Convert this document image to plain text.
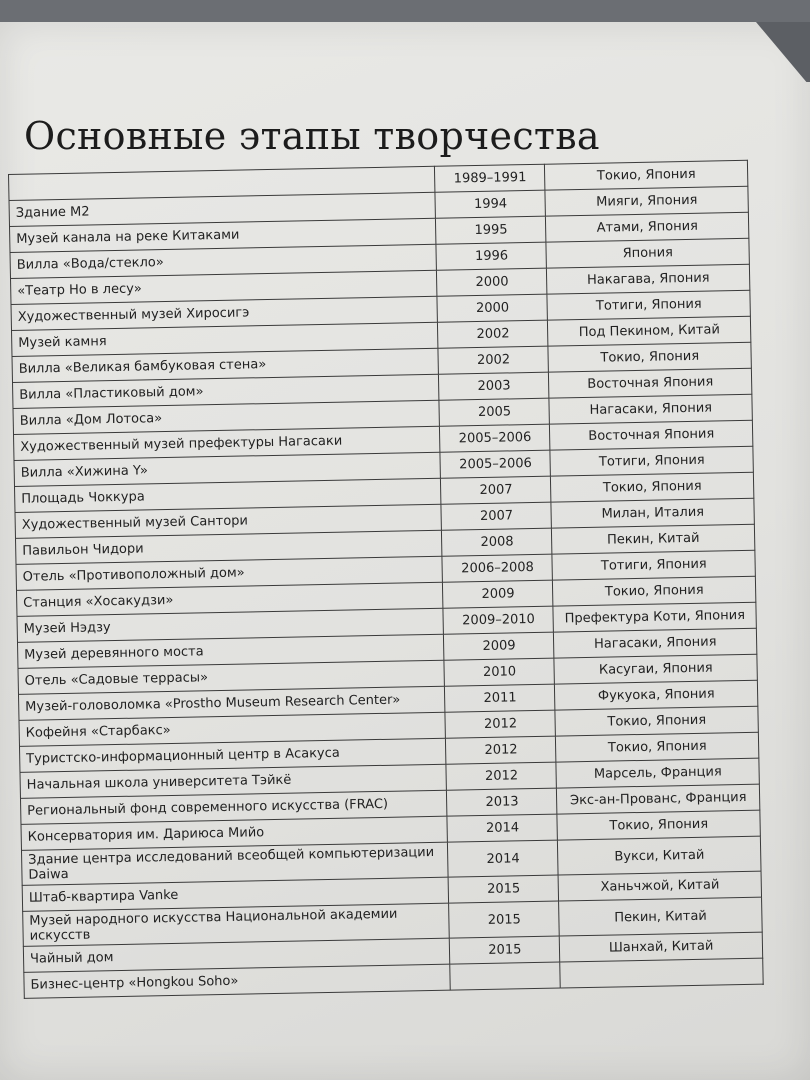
Основные этапы творчества
	1989–1991	Токио, Япония
Здание М2	1994	Мияги, Япония
Музей канала на реке Китаками	1995	Атами, Япония
Вилла «Вода/стекло»	1996	Япония
«Театр Но в лесу»	2000	Накагава, Япония
Художественный музей Хиросигэ	2000	Тотиги, Япония
Музей камня	2002	Под Пекином, Китай
Вилла «Великая бамбуковая стена»	2002	Токио, Япония
Вилла «Пластиковый дом»	2003	Восточная Япония
Вилла «Дом Лотоса»	2005	Нагасаки, Япония
Художественный музей префектуры Нагасаки	2005–2006	Восточная Япония
Вилла «Хижина Y»	2005–2006	Тотиги, Япония
Площадь Чоккура	2007	Токио, Япония
Художественный музей Сантори	2007	Милан, Италия
Павильон Чидори	2008	Пекин, Китай
Отель «Противоположный дом»	2006–2008	Тотиги, Япония
Станция «Хосакудзи»	2009	Токио, Япония
Музей Нэдзу	2009–2010	Префектура Коти, Япония
Музей деревянного моста	2009	Нагасаки, Япония
Отель «Садовые террасы»	2010	Касугаи, Япония
Музей-головоломка «Prostho Museum Research Center»	2011	Фукуока, Япония
Кофейня «Старбакс»	2012	Токио, Япония
Туристско-информационный центр в Асакуса	2012	Токио, Япония
Начальная школа университета Тэйкё	2012	Марсель, Франция
Региональный фонд современного искусства (FRAC)	2013	Экс-ан-Прованс, Франция
Консерватория им. Дариюса Мийо	2014	Токио, Япония
Здание центра исследований всеобщей компьютеризации Daiwa	2014	Вукси, Китай
Штаб-квартира Vanke	2015	Ханьчжой, Китай
Музей народного искусства Национальной академии искусств	2015	Пекин, Китай
Чайный дом	2015	Шанхай, Китай
Бизнес-центр «Hongkou Soho»		
